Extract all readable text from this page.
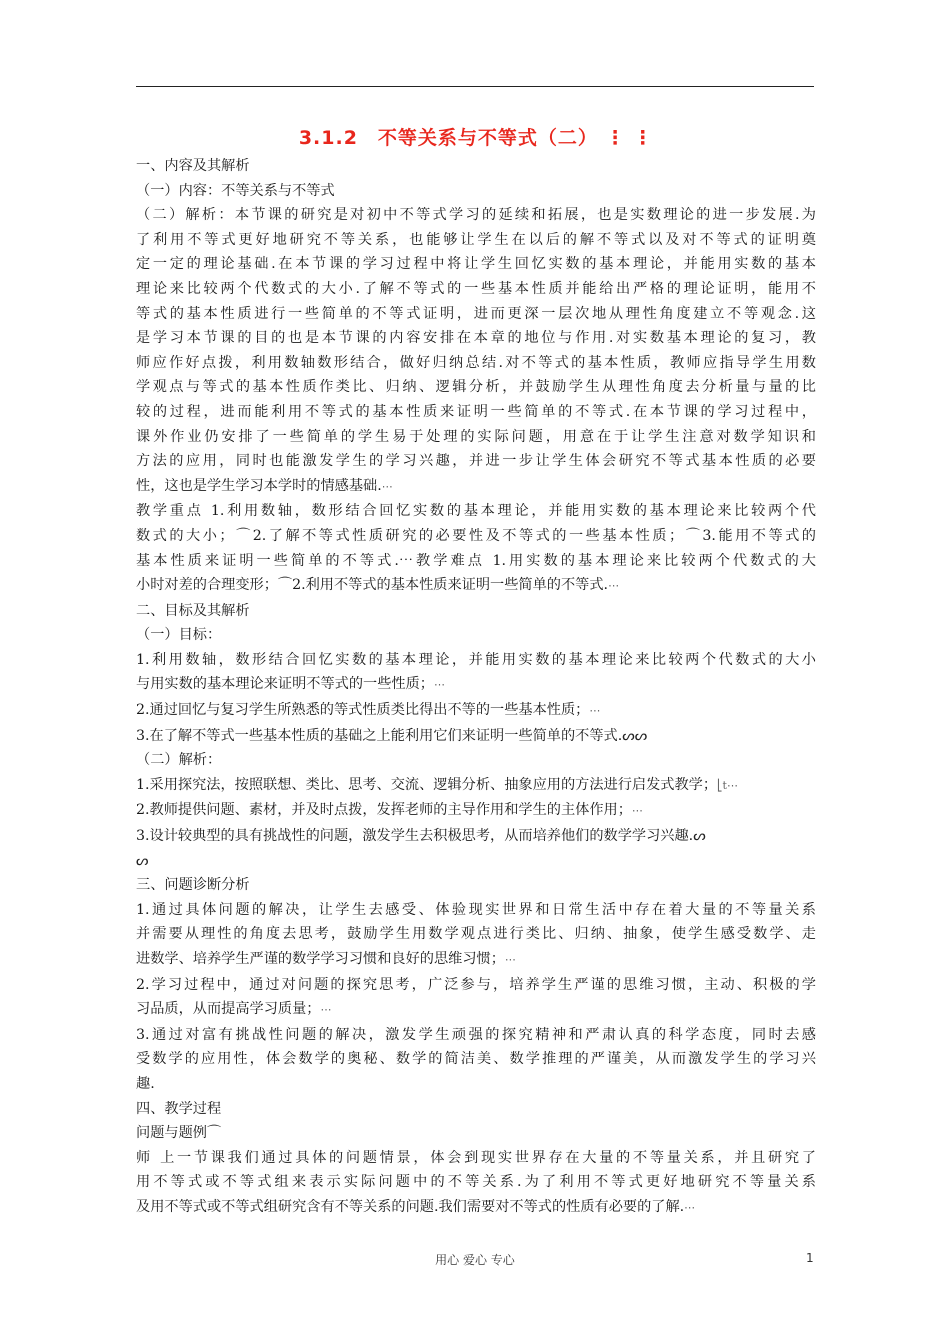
3.1.2　不等关系与不等式（二） ⋮ ⋮

一、内容及其解析

（一）内容：不等关系与不等式

（二）解析：本节课的研究是对初中不等式学习的延续和拓展，也是实数理论的进一步发展.为

了利用不等式更好地研究不等关系，也能够让学生在以后的解不等式以及对不等式的证明奠

定一定的理论基础.在本节课的学习过程中将让学生回忆实数的基本理论，并能用实数的基本

理论来比较两个代数式的大小.了解不等式的一些基本性质并能给出严格的理论证明，能用不

等式的基本性质进行一些简单的不等式证明，进而更深一层次地从理性角度建立不等观念.这

是学习本节课的目的也是本节课的内容安排在本章的地位与作用.对实数基本理论的复习，教

师应作好点拨，利用数轴数形结合，做好归纳总结.对不等式的基本性质，教师应指导学生用数

学观点与等式的基本性质作类比、归纳、逻辑分析，并鼓励学生从理性角度去分析量与量的比

较的过程，进而能利用不等式的基本性质来证明一些简单的不等式.在本节课的学习过程中，

课外作业仍安排了一些简单的学生易于处理的实际问题，用意在于让学生注意对数学知识和

方法的应用，同时也能激发学生的学习兴趣，并进一步让学生体会研究不等式基本性质的必要

性，这也是学生学习本学时的情感基础.⋯

教学重点 1.利用数轴，数形结合回忆实数的基本理论，并能用实数的基本理论来比较两个代

数式的大小；⌒2.了解不等式性质研究的必要性及不等式的一些基本性质；⌒3.能用不等式的

基本性质来证明一些简单的不等式.⋯教学难点 1.用实数的基本理论来比较两个代数式的大

小时对差的合理变形；⌒2.利用不等式的基本性质来证明一些简单的不等式.⋯

二、目标及其解析

（一）目标：

1.利用数轴，数形结合回忆实数的基本理论，并能用实数的基本理论来比较两个代数式的大小

与用实数的基本理论来证明不等式的一些性质；⋯

2.通过回忆与复习学生所熟悉的等式性质类比得出不等的一些基本性质；⋯

3.在了解不等式一些基本性质的基础之上能利用它们来证明一些简单的不等式.ᔕᔕ

（二）解析：

1.采用探究法，按照联想、类比、思考、交流、逻辑分析、抽象应用的方法进行启发式教学；⎣t⋯

2.教师提供问题、素材，并及时点拨，发挥老师的主导作用和学生的主体作用；⋯

3.设计较典型的具有挑战性的问题，激发学生去积极思考，从而培养他们的数学学习兴趣.ᔕ

ᔕ

三、问题诊断分析

1.通过具体问题的解决，让学生去感受、体验现实世界和日常生活中存在着大量的不等量关系

并需要从理性的角度去思考，鼓励学生用数学观点进行类比、归纳、抽象，使学生感受数学、走

进数学、培养学生严谨的数学学习习惯和良好的思维习惯；⋯

2.学习过程中，通过对问题的探究思考，广泛参与，培养学生严谨的思维习惯，主动、积极的学

习品质，从而提高学习质量；⋯

3.通过对富有挑战性问题的解决，激发学生顽强的探究精神和严肃认真的科学态度，同时去感

受数学的应用性，体会数学的奥秘、数学的简洁美、数学推理的严谨美，从而激发学生的学习兴

趣.

四、教学过程

问题与题例⌒

师 上一节课我们通过具体的问题情景，体会到现实世界存在大量的不等量关系，并且研究了

用不等式或不等式组来表示实际问题中的不等关系.为了利用不等式更好地研究不等量关系

及用不等式或不等式组研究含有不等关系的问题.我们需要对不等式的性质有必要的了解.⋯

用心 爱心 专心	1
